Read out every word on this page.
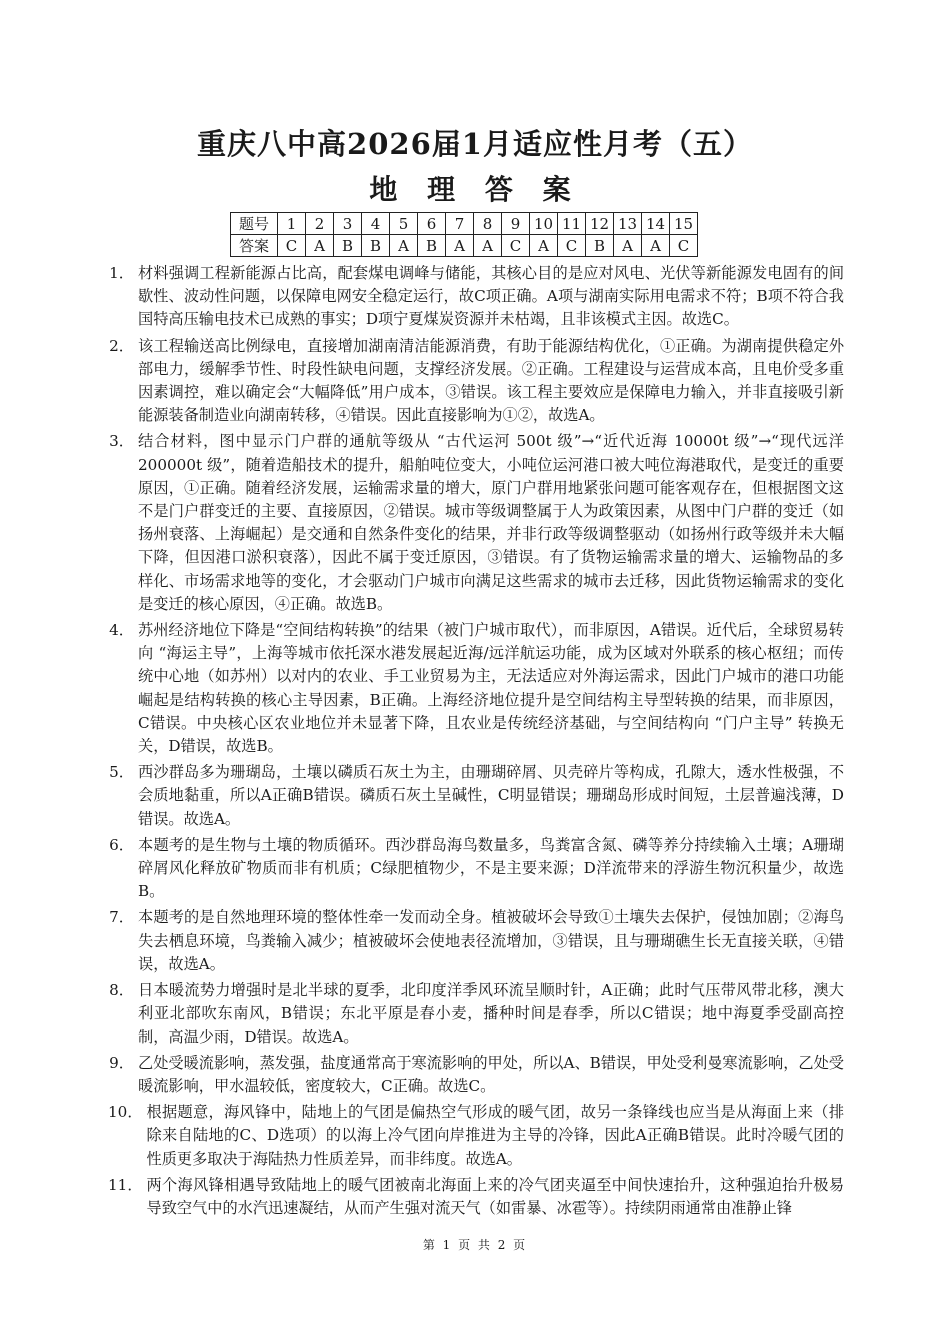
重庆八中高2026届1月适应性月考（五）
地 理 答 案
题号	1	2	3	4	5	6	7	8	9	10	11	12	13	14	15
答案	C	A	B	B	A	B	A	A	C	A	C	B	A	A	C
1． 材料强调工程新能源占比高，配套煤电调峰与储能，其核心目的是应对风电、光伏等新能源发电固有的间歇性、波动性问题，以保障电网安全稳定运行，故C项正确。A项与湖南实际用电需求不符；B项不符合我国特高压输电技术已成熟的事实；D项宁夏煤炭资源并未枯竭，且非该模式主因。故选C。
2． 该工程输送高比例绿电，直接增加湖南清洁能源消费，有助于能源结构优化，①正确。为湖南提供稳定外部电力，缓解季节性、时段性缺电问题，支撑经济发展。②正确。工程建设与运营成本高，且电价受多重因素调控，难以确定会“大幅降低”用户成本，③错误。该工程主要效应是保障电力输入，并非直接吸引新能源装备制造业向湖南转移，④错误。因此直接影响为①②，故选A。
3． 结合材料，图中显示门户群的通航等级从 “古代运河 500t 级”→“近代近海 10000t 级”→“现代远洋 200000t 级”，随着造船技术的提升，船舶吨位变大，小吨位运河港口被大吨位海港取代，是变迁的重要原因，①正确。随着经济发展，运输需求量的增大，原门户群用地紧张问题可能客观存在，但根据图文这不是门户群变迁的主要、直接原因，②错误。城市等级调整属于人为政策因素，从图中门户群的变迁（如扬州衰落、上海崛起）是交通和自然条件变化的结果，并非行政等级调整驱动（如扬州行政等级并未大幅下降，但因港口淤积衰落），因此不属于变迁原因，③错误。有了货物运输需求量的增大、运输物品的多样化、市场需求地等的变化，才会驱动门户城市向满足这些需求的城市去迁移，因此货物运输需求的变化是变迁的核心原因，④正确。故选B。
4． 苏州经济地位下降是“空间结构转换”的结果（被门户城市取代），而非原因，A错误。近代后，全球贸易转向 “海运主导”，上海等城市依托深水港发展起近海/远洋航运功能，成为区域对外联系的核心枢纽；而传统中心地（如苏州）以对内的农业、手工业贸易为主，无法适应对外海运需求，因此门户城市的港口功能崛起是结构转换的核心主导因素，B正确。上海经济地位提升是空间结构主导型转换的结果，而非原因，C错误。中央核心区农业地位并未显著下降，且农业是传统经济基础，与空间结构向 “门户主导” 转换无关，D错误，故选B。
5． 西沙群岛多为珊瑚岛，土壤以磷质石灰土为主，由珊瑚碎屑、贝壳碎片等构成，孔隙大，透水性极强，不会质地黏重，所以A正确B错误。磷质石灰土呈碱性，C明显错误；珊瑚岛形成时间短，土层普遍浅薄，D错误。故选A。
6． 本题考的是生物与土壤的物质循环。西沙群岛海鸟数量多，鸟粪富含氮、磷等养分持续输入土壤；A珊瑚碎屑风化释放矿物质而非有机质；C绿肥植物少，不是主要来源；D洋流带来的浮游生物沉积量少，故选B。
7． 本题考的是自然地理环境的整体性牵一发而动全身。植被破坏会导致①土壤失去保护，侵蚀加剧；②海鸟失去栖息环境，鸟粪输入减少；植被破坏会使地表径流增加，③错误，且与珊瑚礁生长无直接关联，④错误，故选A。
8． 日本暖流势力增强时是北半球的夏季，北印度洋季风环流呈顺时针，A正确；此时气压带风带北移，澳大利亚北部吹东南风，B错误；东北平原是春小麦，播种时间是春季，所以C错误；地中海夏季受副高控制，高温少雨，D错误。故选A。
9． 乙处受暖流影响，蒸发强，盐度通常高于寒流影响的甲处，所以A、B错误，甲处受利曼寒流影响，乙处受暖流影响，甲水温较低，密度较大，C正确。故选C。
10． 根据题意，海风锋中，陆地上的气团是偏热空气形成的暖气团，故另一条锋线也应当是从海面上来（排除来自陆地的C、D选项）的以海上冷气团向岸推进为主导的冷锋，因此A正确B错误。此时冷暖气团的性质更多取决于海陆热力性质差异，而非纬度。故选A。
11． 两个海风锋相遇导致陆地上的暖气团被南北海面上来的冷气团夹逼至中间快速抬升，这种强迫抬升极易导致空气中的水汽迅速凝结，从而产生强对流天气（如雷暴、冰雹等）。持续阴雨通常由准静止锋
第 1 页 共 2 页
